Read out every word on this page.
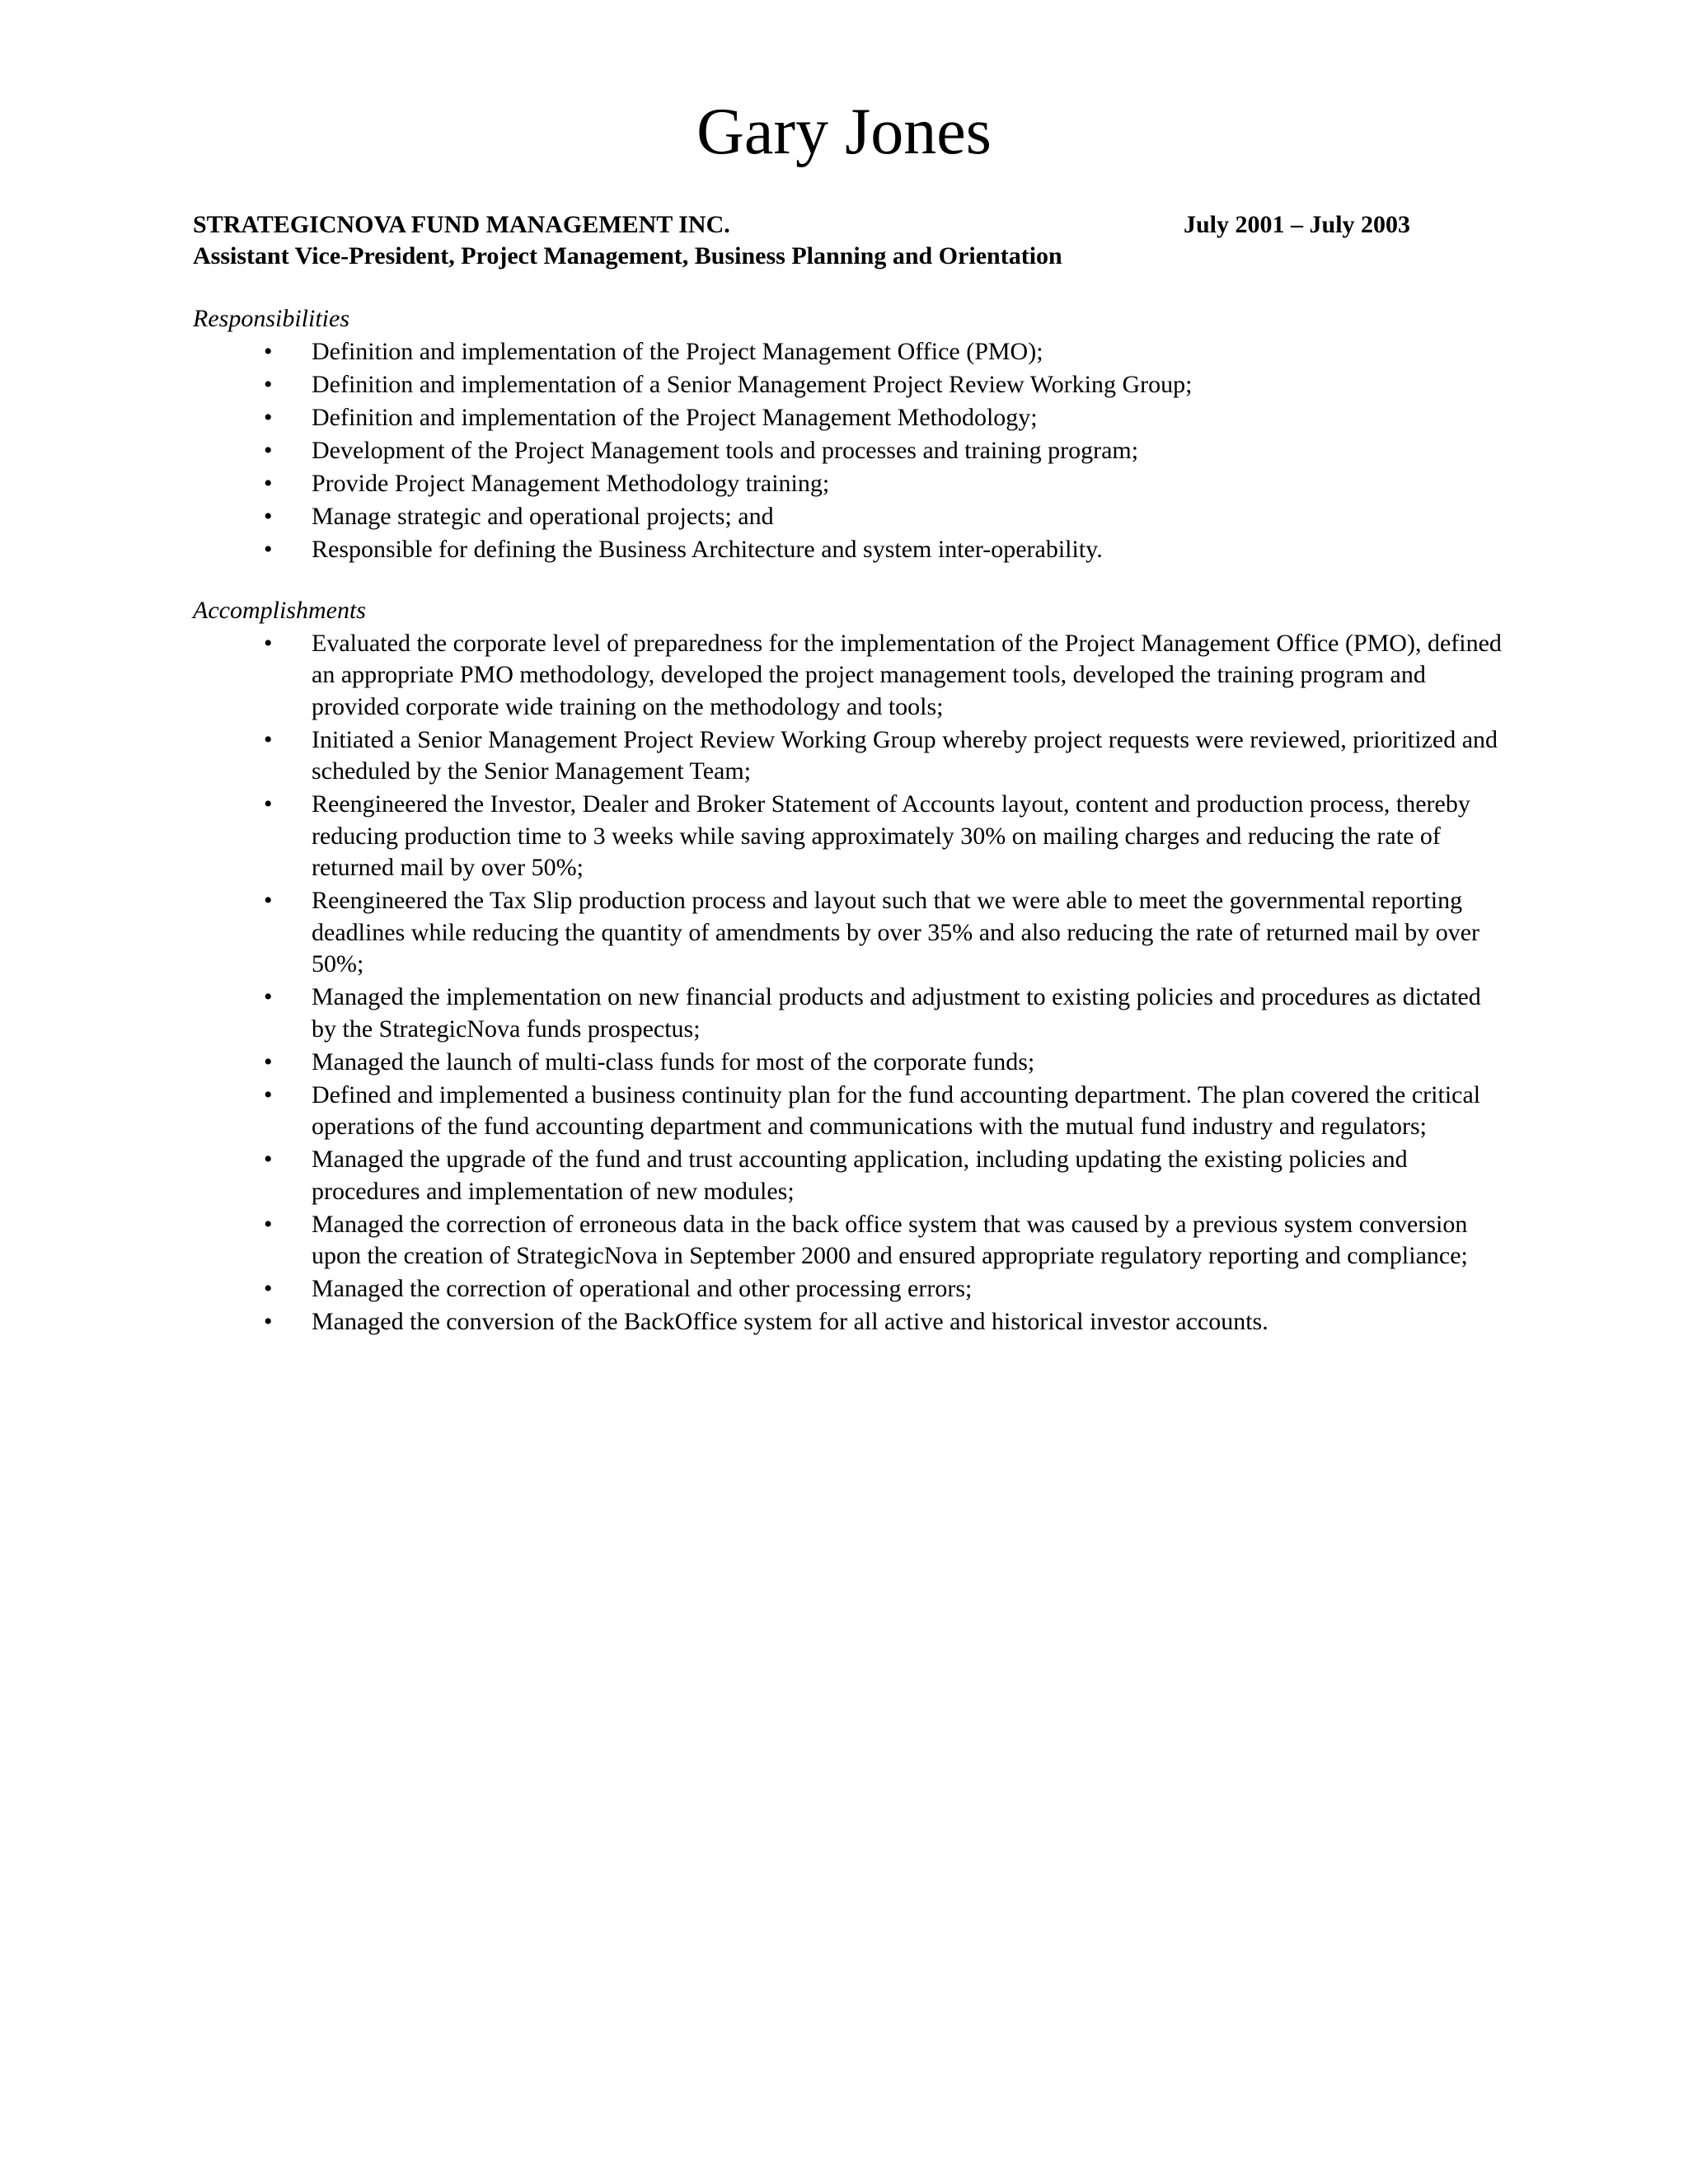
Gary Jones
STRATEGICNOVA FUND MANAGEMENT INC.	July 2001 – July 2003
Assistant Vice-President, Project Management, Business Planning and Orientation
Responsibilities
• Definition and implementation of the Project Management Office (PMO);
• Definition and implementation of a Senior Management Project Review Working Group;
• Definition and implementation of the Project Management Methodology;
• Development of the Project Management tools and processes and training program;
• Provide Project Management Methodology training;
• Manage strategic and operational projects; and
• Responsible for defining the Business Architecture and system inter-operability.
Accomplishments
• Evaluated the corporate level of preparedness for the implementation of the Project Management Office (PMO), defined an appropriate PMO methodology, developed the project management tools, developed the training program and provided corporate wide training on the methodology and tools;
• Initiated a Senior Management Project Review Working Group whereby project requests were reviewed, prioritized and scheduled by the Senior Management Team;
• Reengineered the Investor, Dealer and Broker Statement of Accounts layout, content and production process, thereby reducing production time to 3 weeks while saving approximately 30% on mailing charges and reducing the rate of returned mail by over 50%;
• Reengineered the Tax Slip production process and layout such that we were able to meet the governmental reporting deadlines while reducing the quantity of amendments by over 35% and also reducing the rate of returned mail by over 50%;
• Managed the implementation on new financial products and adjustment to existing policies and procedures as dictated by the StrategicNova funds prospectus;
• Managed the launch of multi-class funds for most of the corporate funds;
• Defined and implemented a business continuity plan for the fund accounting department. The plan covered the critical operations of the fund accounting department and communications with the mutual fund industry and regulators;
• Managed the upgrade of the fund and trust accounting application, including updating the existing policies and procedures and implementation of new modules;
• Managed the correction of erroneous data in the back office system that was caused by a previous system conversion upon the creation of StrategicNova in September 2000 and ensured appropriate regulatory reporting and compliance;
• Managed the correction of operational and other processing errors;
• Managed the conversion of the BackOffice system for all active and historical investor accounts.
